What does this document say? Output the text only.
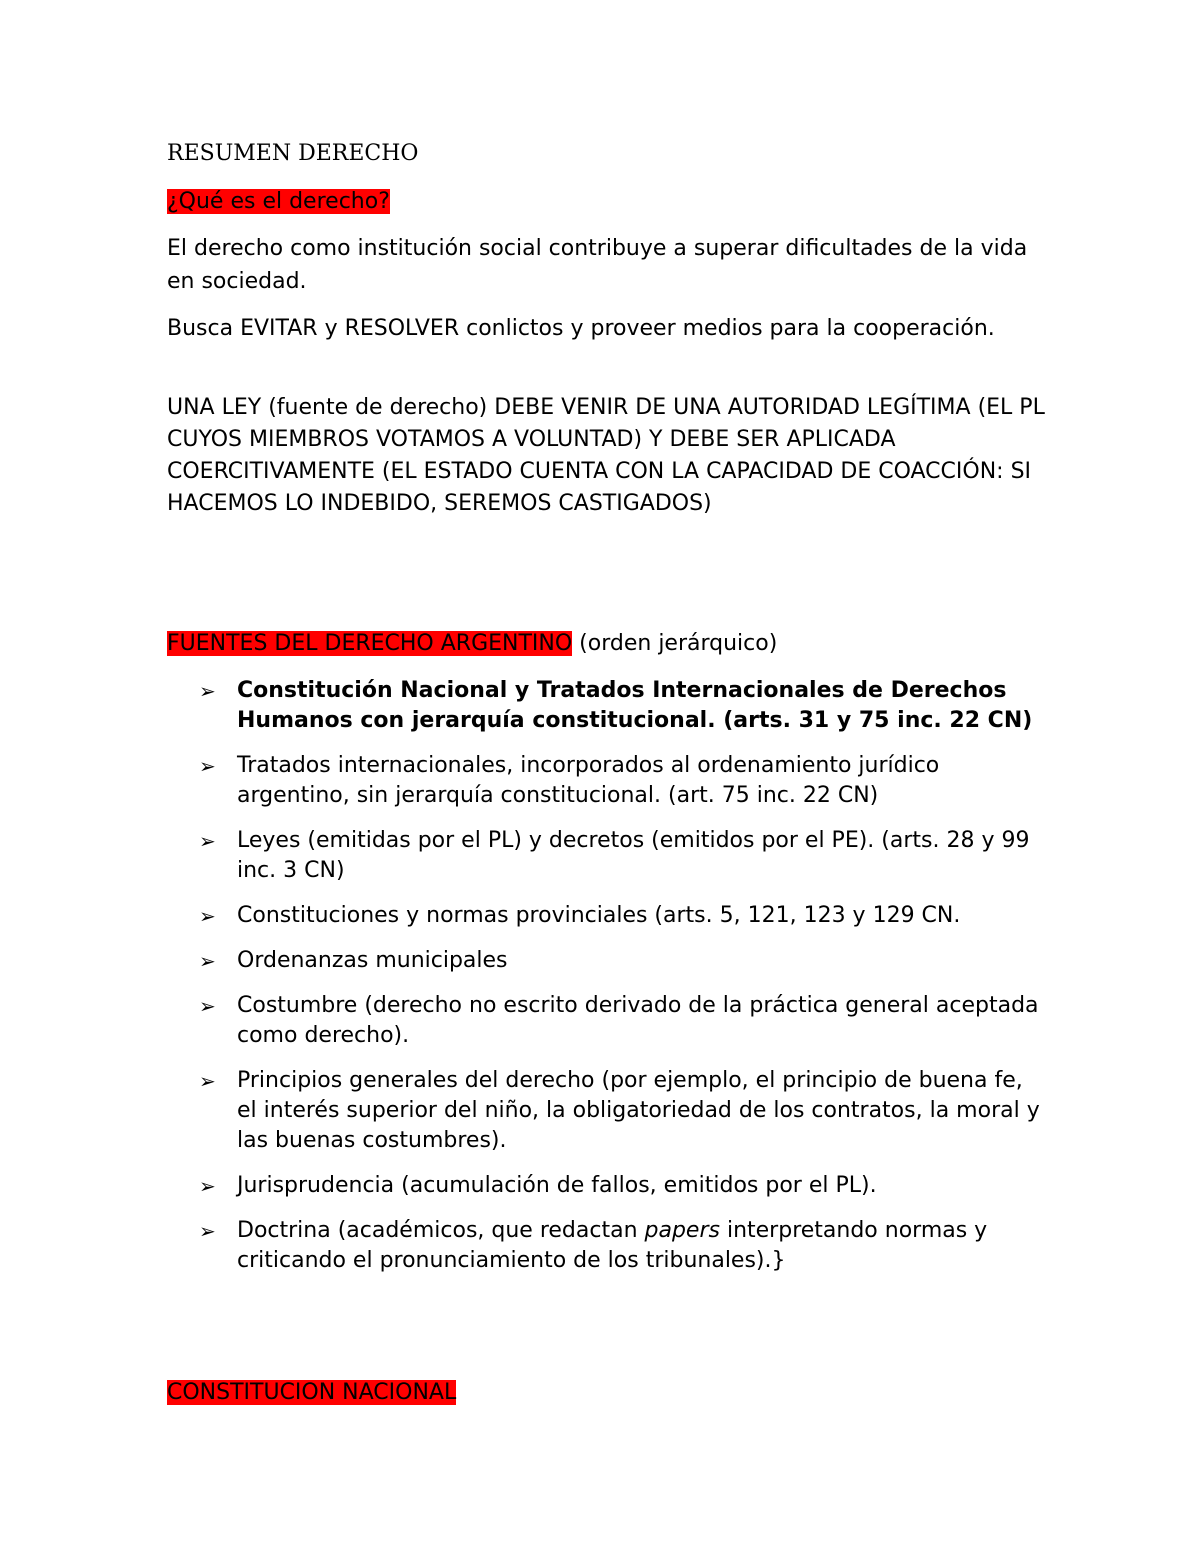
RESUMEN DERECHO
¿Qué es el derecho?
El derecho como institución social contribuye a superar dificultades de la vida en sociedad.
Busca EVITAR y RESOLVER conlictos y proveer medios para la cooperación.
UNA LEY (fuente de derecho) DEBE VENIR DE UNA AUTORIDAD LEGÍTIMA (EL PL CUYOS MIEMBROS VOTAMOS A VOLUNTAD) Y DEBE SER APLICADA COERCITIVAMENTE (EL ESTADO CUENTA CON LA CAPACIDAD DE COACCIÓN: SI HACEMOS LO INDEBIDO, SEREMOS CASTIGADOS)
FUENTES DEL DERECHO ARGENTINO (orden jerárquico)
➢ Constitución Nacional y Tratados Internacionales de Derechos Humanos con jerarquía constitucional. (arts. 31 y 75 inc. 22 CN)
➢ Tratados internacionales, incorporados al ordenamiento jurídico argentino, sin jerarquía constitucional. (art. 75 inc. 22 CN)
➢ Leyes (emitidas por el PL) y decretos (emitidos por el PE). (arts. 28 y 99 inc. 3 CN)
➢ Constituciones y normas provinciales (arts. 5, 121, 123 y 129 CN.
➢ Ordenanzas municipales
➢ Costumbre (derecho no escrito derivado de la práctica general aceptada como derecho).
➢ Principios generales del derecho (por ejemplo, el principio de buena fe, el interés superior del niño, la obligatoriedad de los contratos, la moral y las buenas costumbres).
➢ Jurisprudencia (acumulación de fallos, emitidos por el PL).
➢ Doctrina (académicos, que redactan papers interpretando normas y criticando el pronunciamiento de los tribunales).}
CONSTITUCION NACIONAL
